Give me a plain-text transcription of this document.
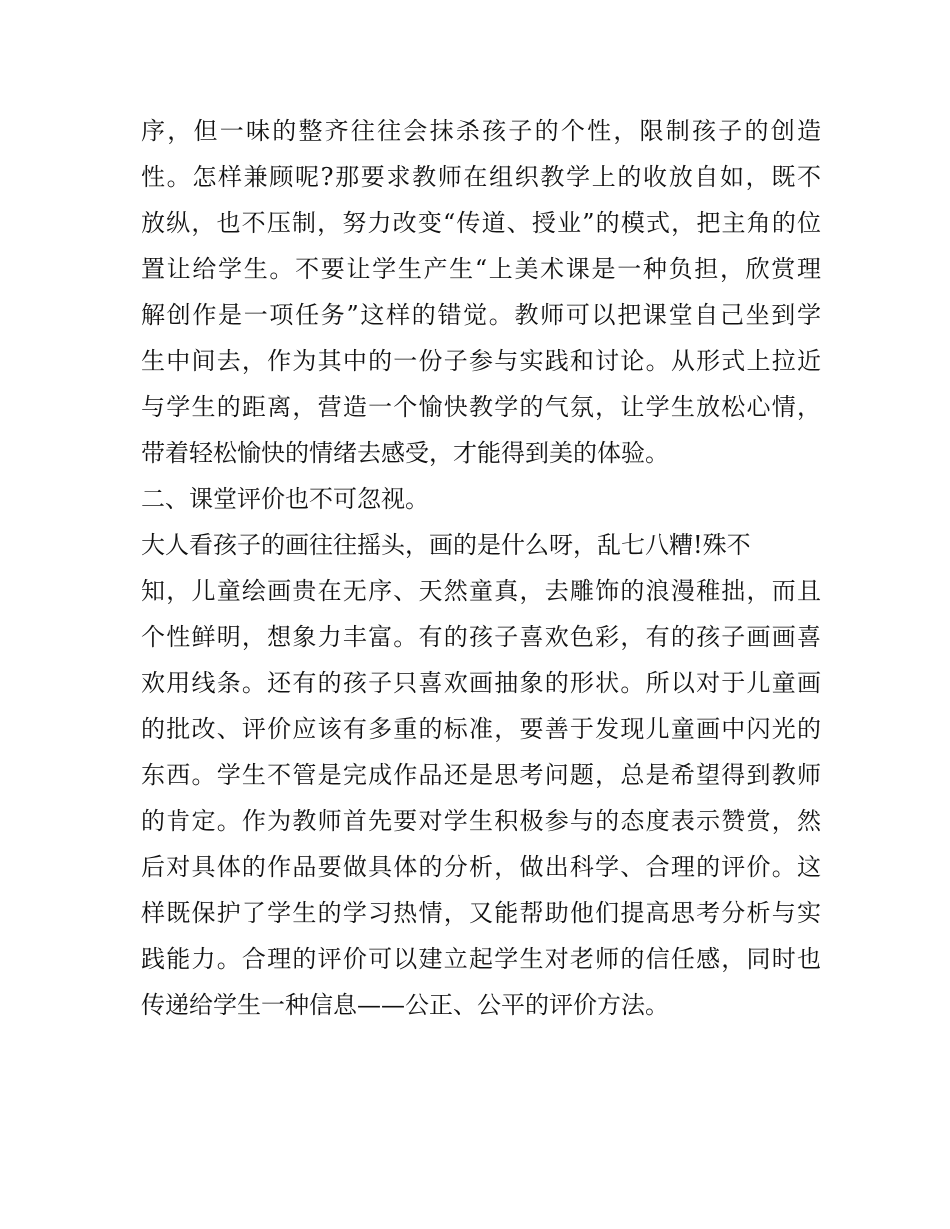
序，但一味的整齐往往会抹杀孩子的个性，限制孩子的创造
性。怎样兼顾呢?那要求教师在组织教学上的收放自如，既不
放纵，也不压制，努力改变“传道、授业”的模式，把主角的位
置让给学生。不要让学生产生“上美术课是一种负担，欣赏理
解创作是一项任务”这样的错觉。教师可以把课堂自己坐到学
生中间去，作为其中的一份子参与实践和讨论。从形式上拉近
与学生的距离，营造一个愉快教学的气氛，让学生放松心情，
带着轻松愉快的情绪去感受，才能得到美的体验。
二、课堂评价也不可忽视。
大人看孩子的画往往摇头，画的是什么呀，乱七八糟!殊不
知，儿童绘画贵在无序、天然童真，去雕饰的浪漫稚拙，而且
个性鲜明，想象力丰富。有的孩子喜欢色彩，有的孩子画画喜
欢用线条。还有的孩子只喜欢画抽象的形状。所以对于儿童画
的批改、评价应该有多重的标准，要善于发现儿童画中闪光的
东西。学生不管是完成作品还是思考问题，总是希望得到教师
的肯定。作为教师首先要对学生积极参与的态度表示赞赏，然
后对具体的作品要做具体的分析，做出科学、合理的评价。这
样既保护了学生的学习热情，又能帮助他们提高思考分析与实
践能力。合理的评价可以建立起学生对老师的信任感，同时也
传递给学生一种信息——公正、公平的评价方法。
